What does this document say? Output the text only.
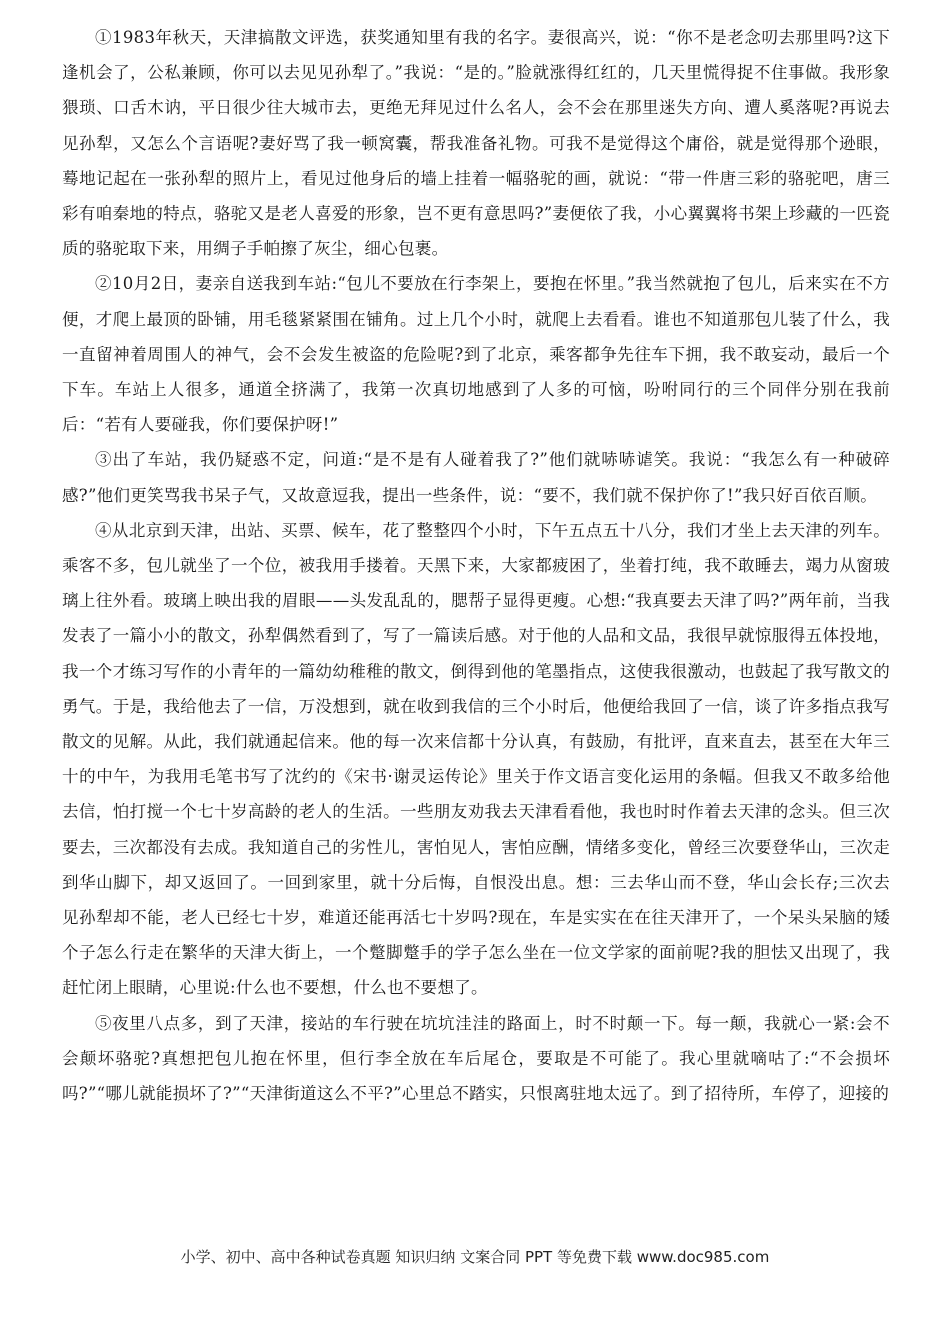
①1983年秋天，天津搞散文评选，获奖通知里有我的名字。妻很高兴，说：“你不是老念叨去那里吗?这下逢机会了，公私兼顾，你可以去见见孙犁了。”我说：“是的。”脸就涨得红红的，几天里慌得捉不住事做。我形象猥琐、口舌木讷，平日很少往大城市去，更绝无拜见过什么名人，会不会在那里迷失方向、遭人奚落呢?再说去见孙犁，又怎么个言语呢?妻好骂了我一顿窝囊，帮我准备礼物。可我不是觉得这个庸俗，就是觉得那个逊眼，蓦地记起在一张孙犁的照片上，看见过他身后的墙上挂着一幅骆驼的画，就说：“带一件唐三彩的骆驼吧，唐三彩有咱秦地的特点，骆驼又是老人喜爱的形象，岂不更有意思吗?”妻便依了我，小心翼翼将书架上珍藏的一匹瓷质的骆驼取下来，用绸子手帕擦了灰尘，细心包裹。

②10月2日，妻亲自送我到车站:“包儿不要放在行李架上，要抱在怀里。”我当然就抱了包儿，后来实在不方便，才爬上最顶的卧铺，用毛毯紧紧围在铺角。过上几个小时，就爬上去看看。谁也不知道那包儿装了什么，我一直留神着周围人的神气，会不会发生被盗的危险呢?到了北京，乘客都争先往车下拥，我不敢妄动，最后一个下车。车站上人很多，通道全挤满了，我第一次真切地感到了人多的可恼，吩咐同行的三个同伴分别在我前后：“若有人要碰我，你们要保护呀!”

③出了车站，我仍疑惑不定，问道:“是不是有人碰着我了?”他们就哧哧谑笑。我说：“我怎么有一种破碎感?”他们更笑骂我书呆子气，又故意逗我，提出一些条件，说：“要不，我们就不保护你了!”我只好百依百顺。

④从北京到天津，出站、买票、候车，花了整整四个小时，下午五点五十八分，我们才坐上去天津的列车。乘客不多，包儿就坐了一个位，被我用手搂着。天黑下来，大家都疲困了，坐着打纯，我不敢睡去，竭力从窗玻璃上往外看。玻璃上映出我的眉眼——头发乱乱的，腮帮子显得更瘦。心想:“我真要去天津了吗?”两年前，当我发表了一篇小小的散文，孙犁偶然看到了，写了一篇读后感。对于他的人品和文品，我很早就惊服得五体投地，我一个才练习写作的小青年的一篇幼幼稚稚的散文，倒得到他的笔墨指点，这使我很激动，也鼓起了我写散文的勇气。于是，我给他去了一信，万没想到，就在收到我信的三个小时后，他便给我回了一信，谈了许多指点我写散文的见解。从此，我们就通起信来。他的每一次来信都十分认真，有鼓励，有批评，直来直去，甚至在大年三十的中午，为我用毛笔书写了沈约的《宋书·谢灵运传论》里关于作文语言变化运用的条幅。但我又不敢多给他去信，怕打搅一个七十岁高龄的老人的生活。一些朋友劝我去天津看看他，我也时时作着去天津的念头。但三次要去，三次都没有去成。我知道自己的劣性儿，害怕见人，害怕应酬，情绪多变化，曾经三次要登华山，三次走到华山脚下，却又返回了。一回到家里，就十分后悔，自恨没出息。想：三去华山而不登，华山会长存;三次去见孙犁却不能，老人已经七十岁，难道还能再活七十岁吗?现在，车是实实在在往天津开了，一个呆头呆脑的矮个子怎么行走在繁华的天津大街上，一个蹩脚蹩手的学子怎么坐在一位文学家的面前呢?我的胆怯又出现了，我赶忙闭上眼睛，心里说:什么也不要想，什么也不要想了。

⑤夜里八点多，到了天津，接站的车行驶在坑坑洼洼的路面上，时不时颠一下。每一颠，我就心一紧:会不会颠坏骆驼?真想把包儿抱在怀里，但行李全放在车后尾仓，要取是不可能了。我心里就嘀咕了:“不会损坏吗?”“哪儿就能损坏了?”“天津街道这么不平?”心里总不踏实，只恨离驻地太远了。到了招待所，车停了，迎接的

小学、初中、高中各种试卷真题 知识归纳 文案合同 PPT 等免费下载 www.doc985.com
